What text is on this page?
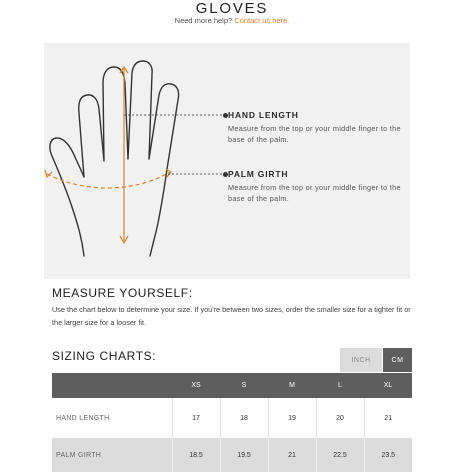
GLOVES
Need more help? Contact us here.
HAND LENGTH
Measure from the top or your middle finger to the base of the palm.
PALM GIRTH
Measure from the top or your middle finger to the base of the palm.
MEASURE YOURSELF:
Use the chart below to determine your size. If you're between two sizes, order the smaller size for a tighter fit or the larger size for a looser fit.
SIZING CHARTS:	INCH	CM
	XS	S	M	L	XL
HAND LENGTH	17	18	19	20	21
PALM GIRTH	18.5	19.5	21	22.5	23.5
